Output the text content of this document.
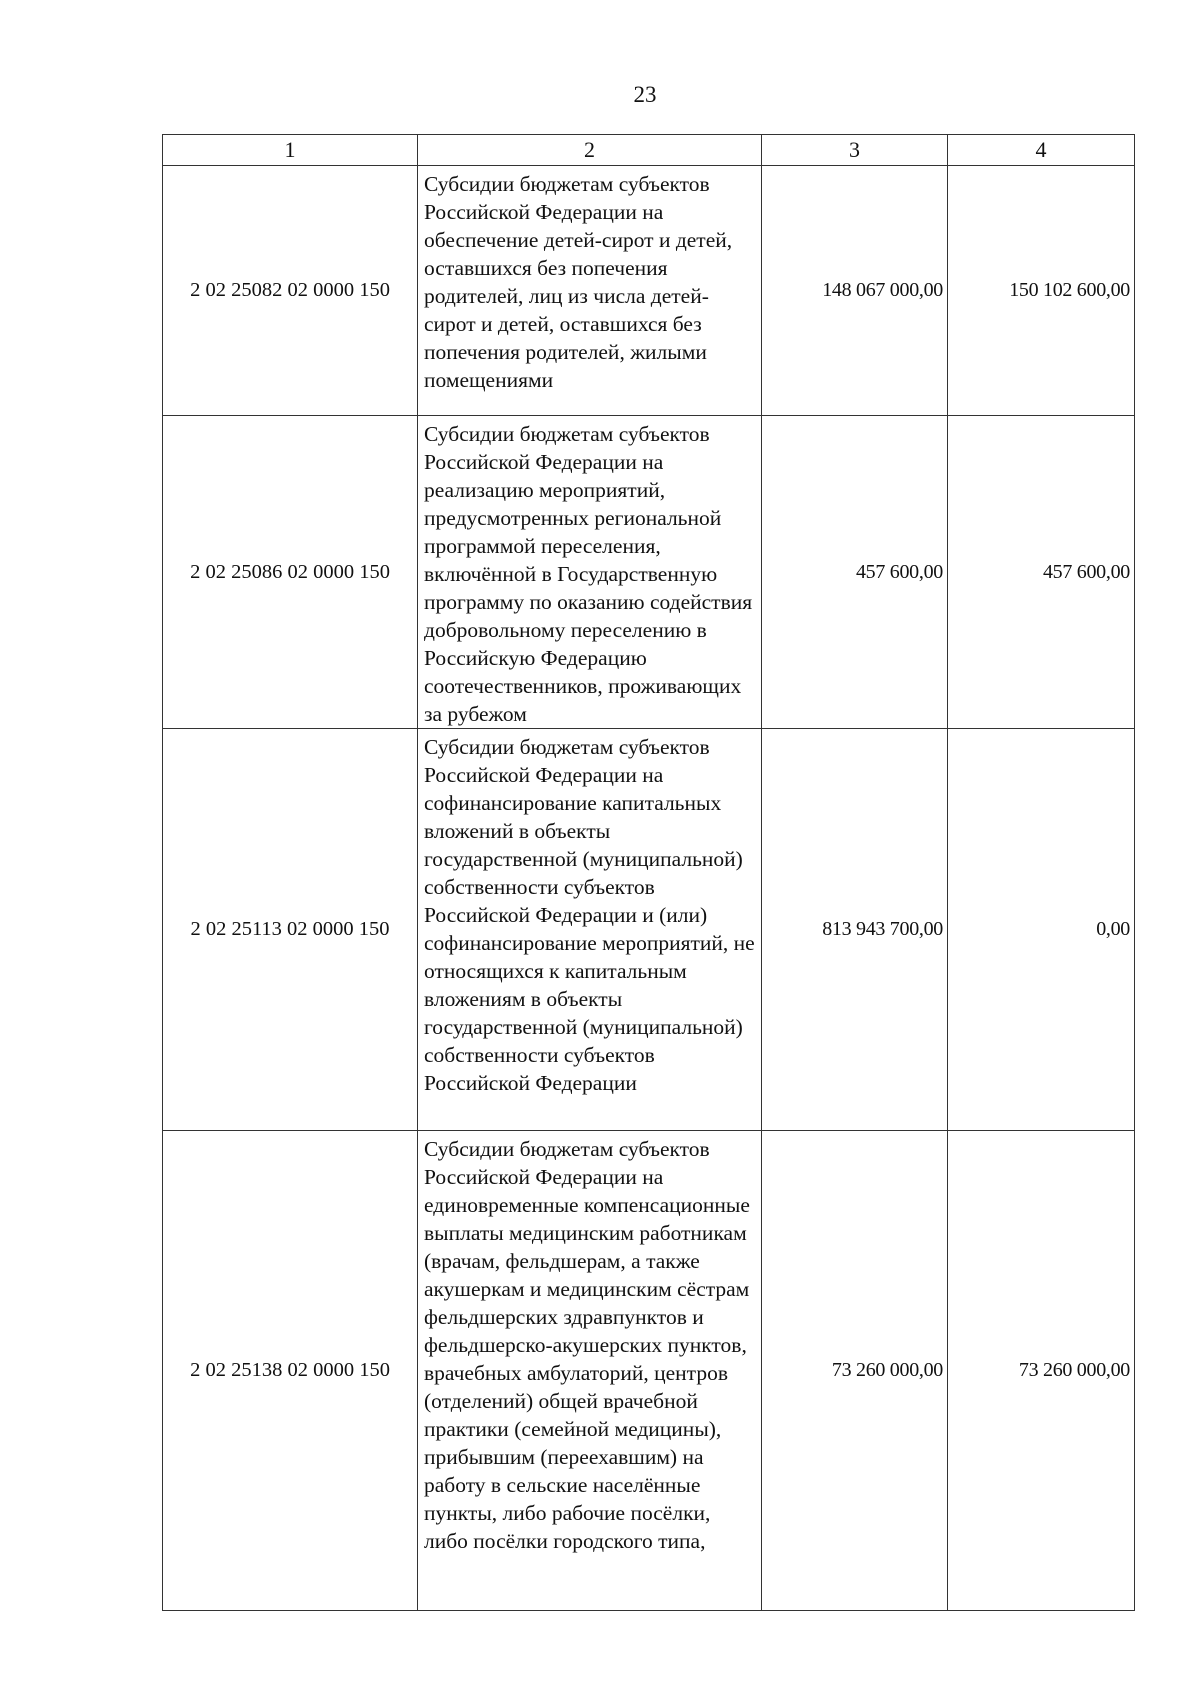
23
1	2	3	4
2 02 25082 02 0000 150	Субсидии бюджетам субъектов Российской Федерации на обеспечение детей-сирот и детей, оставшихся без попечения родителей, лиц из числа детей-сирот и детей, оставшихся без попечения родителей, жилыми помещениями	148 067 000,00	150 102 600,00
2 02 25086 02 0000 150	Субсидии бюджетам субъектов Российской Федерации на реализацию мероприятий, предусмотренных региональной программой переселения, включённой в Государственную программу по оказанию содействия добровольному переселению в Российскую Федерацию соотечественников, проживающих за рубежом	457 600,00	457 600,00
2 02 25113 02 0000 150	Субсидии бюджетам субъектов Российской Федерации на софинансирование капитальных вложений в объекты государственной (муниципальной) собственности субъектов Российской Федерации и (или) софинансирование мероприятий, не относящихся к капитальным вложениям в объекты государственной (муниципальной) собственности субъектов Российской Федерации	813 943 700,00	0,00
2 02 25138 02 0000 150	Субсидии бюджетам субъектов Российской Федерации на единовременные компенсационные выплаты медицинским работникам (врачам, фельдшерам, а также акушеркам и медицинским сёстрам фельдшерских здравпунктов и фельдшерско-акушерских пунктов, врачебных амбулаторий, центров (отделений) общей врачебной практики (семейной медицины), прибывшим (переехавшим) на работу в сельские населённые пункты, либо рабочие посёлки, либо посёлки городского типа,	73 260 000,00	73 260 000,00
